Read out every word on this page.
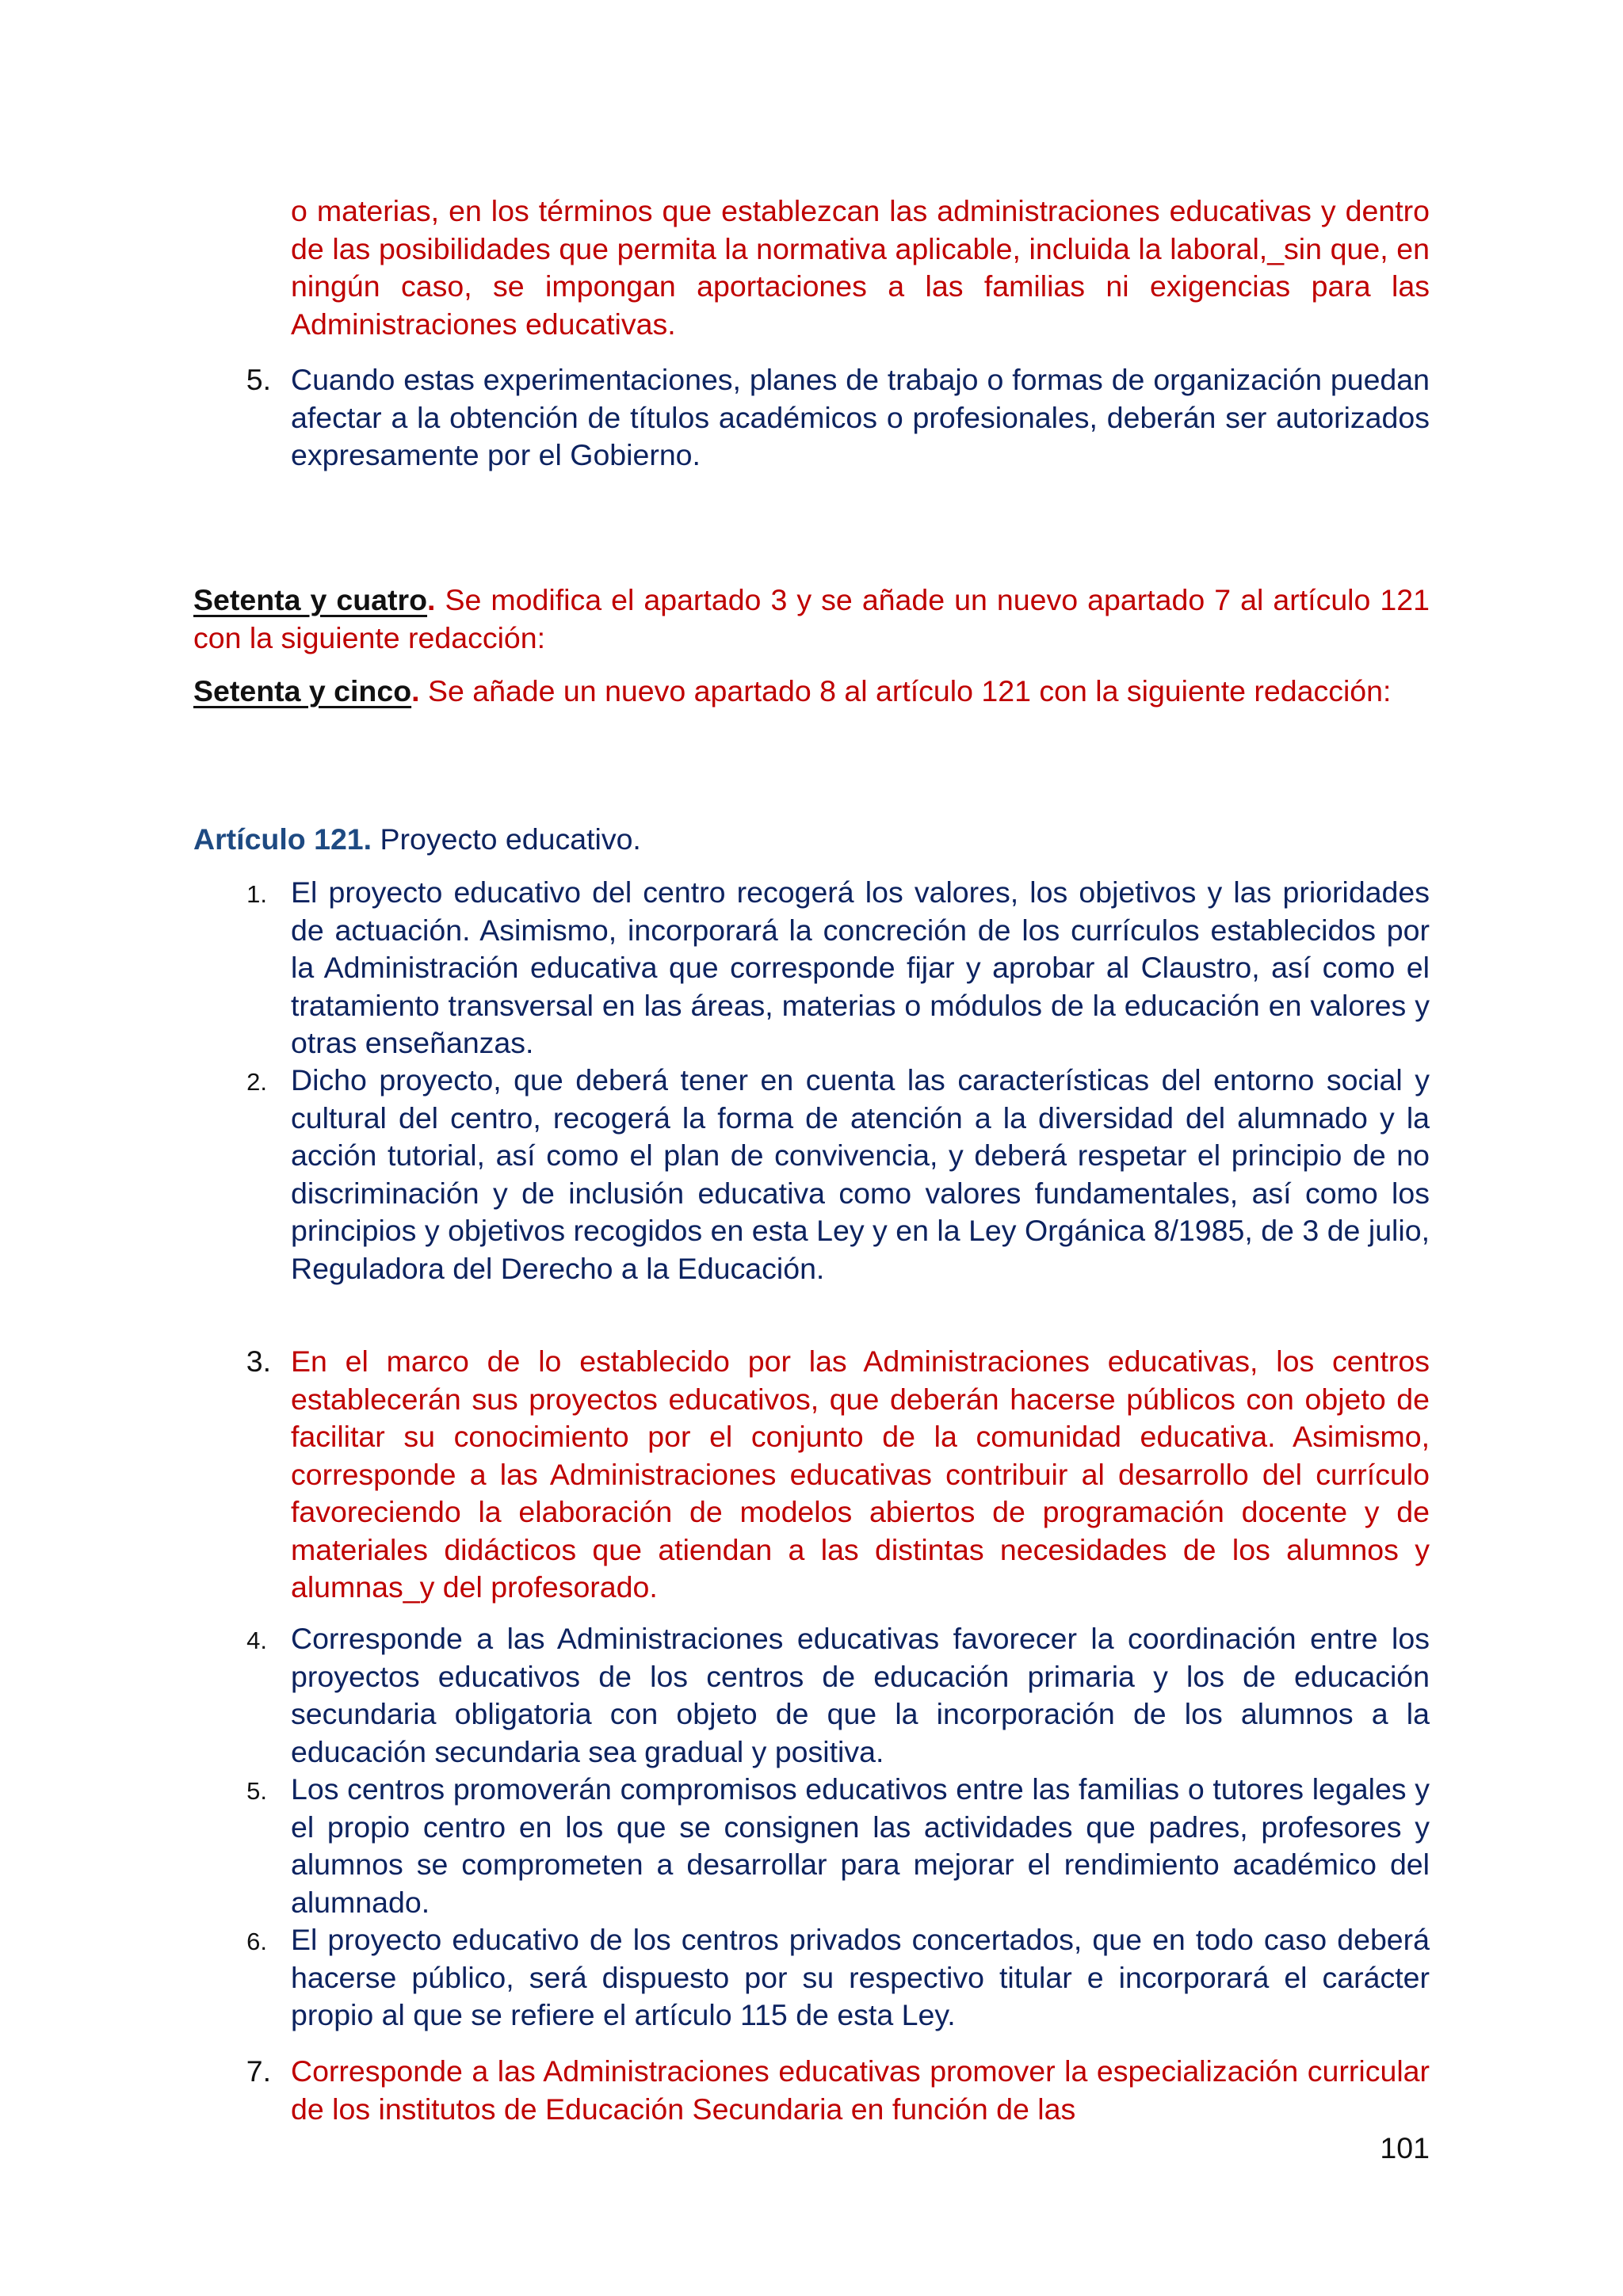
o materias, en los términos que establezcan las administraciones educativas y dentro de las posibilidades que permita la normativa aplicable, incluida la laboral,_sin que, en ningún caso, se impongan aportaciones a las familias ni exigencias para las Administraciones educativas.
5. Cuando estas experimentaciones, planes de trabajo o formas de organización puedan afectar a la obtención de títulos académicos o profesionales, deberán ser autorizados expresamente por el Gobierno.
Setenta y cuatro. Se modifica el apartado 3 y se añade un nuevo apartado 7 al artículo 121 con la siguiente redacción:
Setenta y cinco. Se añade un nuevo apartado 8 al artículo 121 con la siguiente redacción:
Artículo 121. Proyecto educativo.
1. El proyecto educativo del centro recogerá los valores, los objetivos y las prioridades de actuación. Asimismo, incorporará la concreción de los currículos establecidos por la Administración educativa que corresponde fijar y aprobar al Claustro, así como el tratamiento transversal en las áreas, materias o módulos de la educación en valores y otras enseñanzas.
2. Dicho proyecto, que deberá tener en cuenta las características del entorno social y cultural del centro, recogerá la forma de atención a la diversidad del alumnado y la acción tutorial, así como el plan de convivencia, y deberá respetar el principio de no discriminación y de inclusión educativa como valores fundamentales, así como los principios y objetivos recogidos en esta Ley y en la Ley Orgánica 8/1985, de 3 de julio, Reguladora del Derecho a la Educación.
3. En el marco de lo establecido por las Administraciones educativas, los centros establecerán sus proyectos educativos, que deberán hacerse públicos con objeto de facilitar su conocimiento por el conjunto de la comunidad educativa. Asimismo, corresponde a las Administraciones educativas contribuir al desarrollo del currículo favoreciendo la elaboración de modelos abiertos de programación docente y de materiales didácticos que atiendan a las distintas necesidades de los alumnos y alumnas_y del profesorado.
4. Corresponde a las Administraciones educativas favorecer la coordinación entre los proyectos educativos de los centros de educación primaria y los de educación secundaria obligatoria con objeto de que la incorporación de los alumnos a la educación secundaria sea gradual y positiva.
5. Los centros promoverán compromisos educativos entre las familias o tutores legales y el propio centro en los que se consignen las actividades que padres, profesores y alumnos se comprometen a desarrollar para mejorar el rendimiento académico del alumnado.
6. El proyecto educativo de los centros privados concertados, que en todo caso deberá hacerse público, será dispuesto por su respectivo titular e incorporará el carácter propio al que se refiere el artículo 115 de esta Ley.
7. Corresponde a las Administraciones educativas promover la especialización curricular de los institutos de Educación Secundaria en función de las
101
